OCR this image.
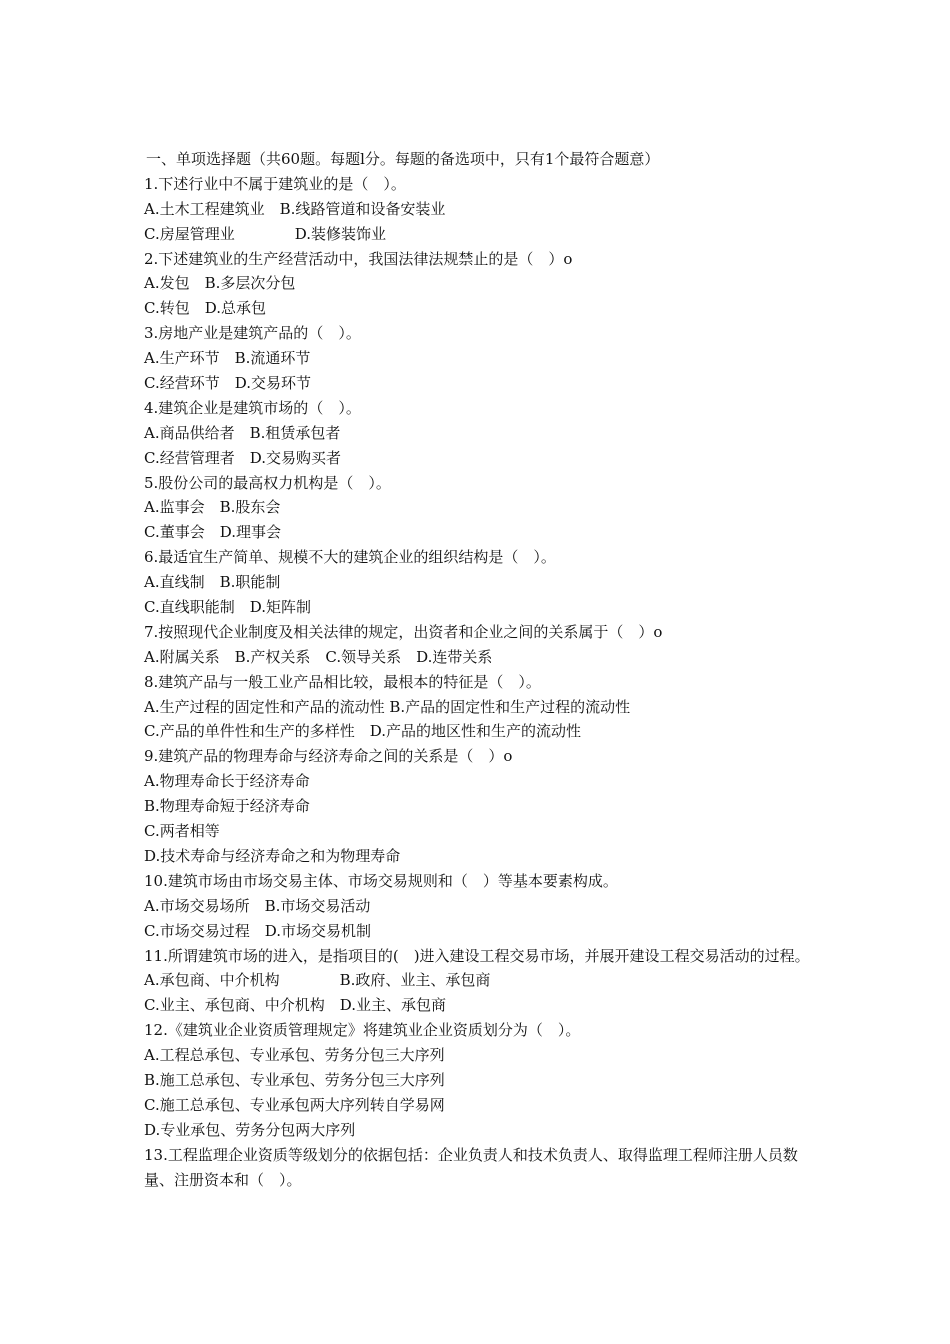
一、单项选择题（共60题。每题l分。每题的备选项中，只有1个最符合题意）
1.下述行业中不属于建筑业的是（　）。
A.土木工程建筑业　B.线路管道和设备安装业
C.房屋管理业　　　　D.装修装饰业
2.下述建筑业的生产经营活动中，我国法律法规禁止的是（　）o
A.发包　B.多层次分包
C.转包　D.总承包
3.房地产业是建筑产品的（　）。
A.生产环节　B.流通环节
C.经营环节　D.交易环节
4.建筑企业是建筑市场的（　）。
A.商品供给者　B.租赁承包者
C.经营管理者　D.交易购买者
5.股份公司的最高权力机构是（　）。
A.监事会　B.股东会
C.董事会　D.理事会
6.最适宜生产简单、规模不大的建筑企业的组织结构是（　）。
A.直线制　B.职能制
C.直线职能制　D.矩阵制
7.按照现代企业制度及相关法律的规定，出资者和企业之间的关系属于（　）o
A.附属关系　B.产权关系　C.领导关系　D.连带关系
8.建筑产品与一般工业产品相比较，最根本的特征是（　）。
A.生产过程的固定性和产品的流动性 B.产品的固定性和生产过程的流动性
C.产品的单件性和生产的多样性　D.产品的地区性和生产的流动性
9.建筑产品的物理寿命与经济寿命之间的关系是（　）o
A.物理寿命长于经济寿命
B.物理寿命短于经济寿命
C.两者相等
D.技术寿命与经济寿命之和为物理寿命
10.建筑市场由市场交易主体、市场交易规则和（　）等基本要素构成。
A.市场交易场所　B.市场交易活动
C.市场交易过程　D.市场交易机制
11.所谓建筑市场的进入，是指项目的(　)进入建设工程交易市场，并展开建设工程交易活动的过程。
A.承包商、中介机构　　　　B.政府、业主、承包商
C.业主、承包商、中介机构　D.业主、承包商
12.《建筑业企业资质管理规定》将建筑业企业资质划分为（　）。
A.工程总承包、专业承包、劳务分包三大序列
B.施工总承包、专业承包、劳务分包三大序列
C.施工总承包、专业承包两大序列转自学易网
D.专业承包、劳务分包两大序列
13.工程监理企业资质等级划分的依据包括：企业负责人和技术负责人、取得监理工程师注册人员数量、注册资本和（　）。
